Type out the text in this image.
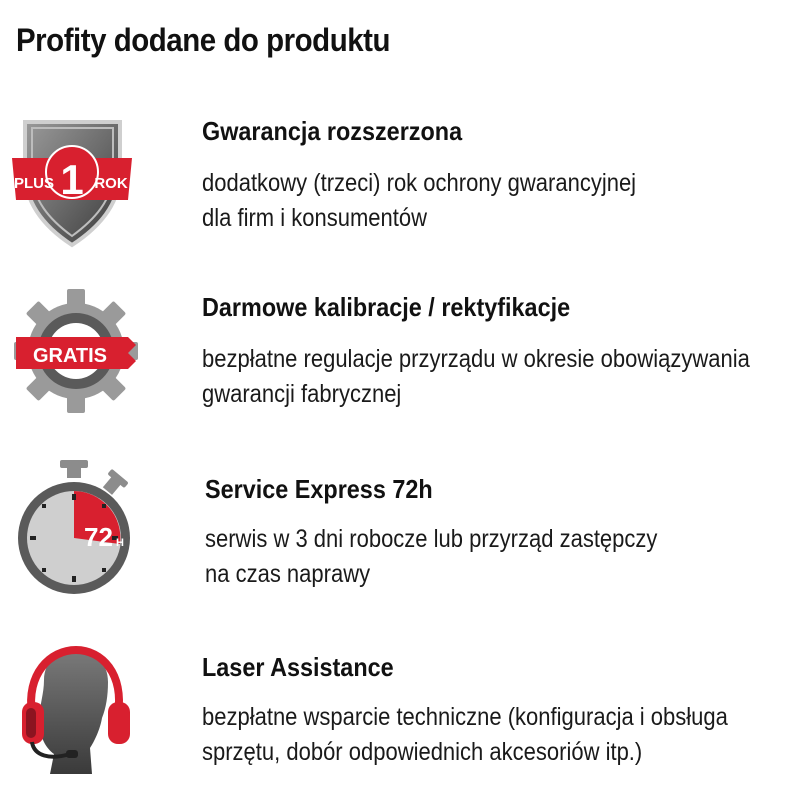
Profity dodane do produktu
PLUS 1 ROK
Gwarancja rozszerzona
dodatkowy (trzeci) rok ochrony gwarancyjnej
dla firm i konsumentów
GRATIS
Darmowe kalibracje / rektyfikacje
bezpłatne regulacje przyrządu w okresie obowiązywania
gwarancji fabrycznej
72 H
Service Express 72h
serwis w 3 dni robocze lub przyrząd zastępczy
na czas naprawy
Laser Assistance
bezpłatne wsparcie techniczne (konfiguracja i obsługa
sprzętu, dobór odpowiednich akcesoriów itp.)
